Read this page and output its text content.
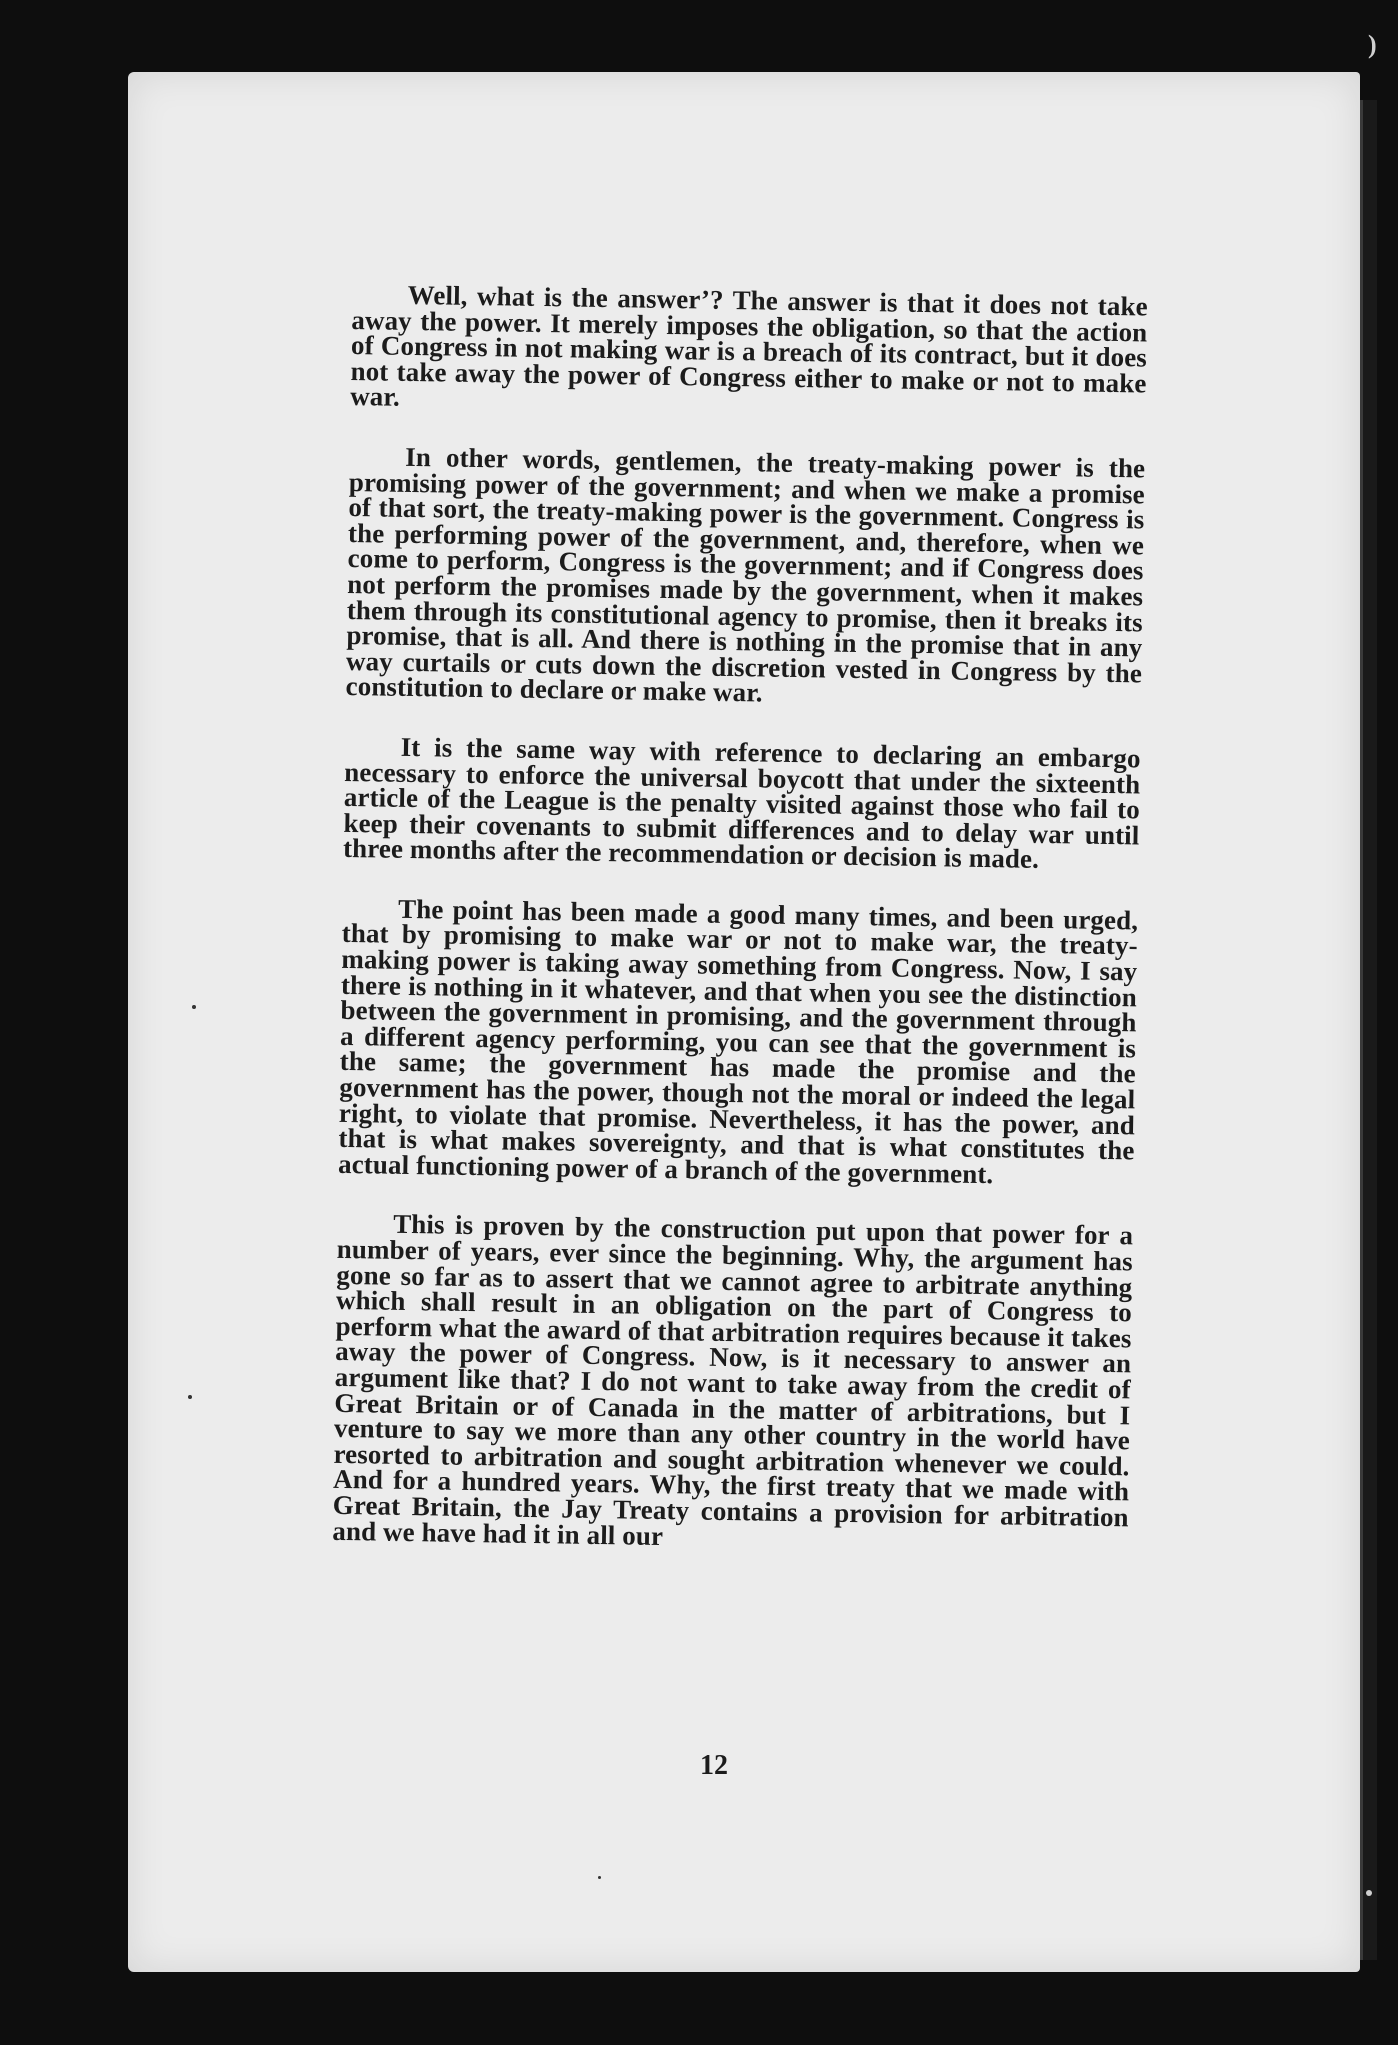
)

Well, what is the answer’? The answer is that it does not take away the power. It merely imposes the obligation, so that the action of Congress in not making war is a breach of its contract, but it does not take away the power of Congress either to make or not to make war.

In other words, gentlemen, the treaty-making power is the promising power of the government; and when we make a promise of that sort, the treaty-making power is the government. Congress is the performing power of the government, and, therefore, when we come to perform, Congress is the government; and if Congress does not perform the promises made by the government, when it makes them through its constitutional agency to promise, then it breaks its promise, that is all. And there is nothing in the promise that in any way curtails or cuts down the discretion vested in Congress by the constitution to declare or make war.

It is the same way with reference to declaring an embargo necessary to enforce the universal boycott that under the sixteenth article of the League is the penalty visited against those who fail to keep their covenants to submit differences and to delay war until three months after the recommendation or decision is made.

The point has been made a good many times, and been urged, that by promising to make war or not to make war, the treaty-making power is taking away something from Congress. Now, I say there is nothing in it whatever, and that when you see the distinction between the government in promising, and the government through a different agency performing, you can see that the government is the same; the government has made the promise and the government has the power, though not the moral or indeed the legal right, to violate that promise. Nevertheless, it has the power, and that is what makes sovereignty, and that is what constitutes the actual functioning power of a branch of the government.

This is proven by the construction put upon that power for a number of years, ever since the beginning. Why, the argument has gone so far as to assert that we cannot agree to arbitrate anything which shall result in an obligation on the part of Congress to perform what the award of that arbitration requires because it takes away the power of Congress. Now, is it necessary to answer an argument like that? I do not want to take away from the credit of Great Britain or of Canada in the matter of arbitrations, but I venture to say we more than any other country in the world have resorted to arbitration and sought arbitration whenever we could. And for a hundred years. Why, the first treaty that we made with Great Britain, the Jay Treaty contains a provision for arbitration and we have had it in all our

12
